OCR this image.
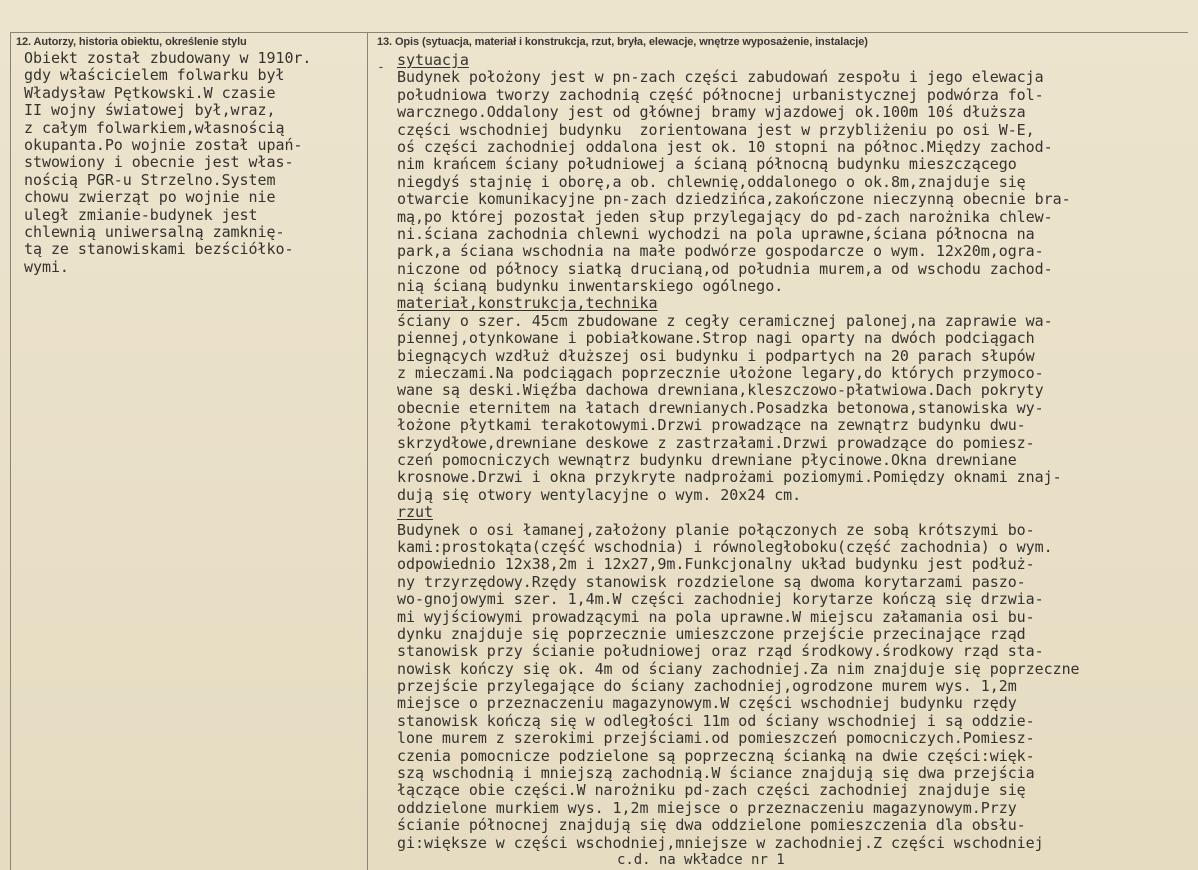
12. Autorzy, historia obiektu, określenie stylu	13. Opis (sytuacja, materiał i konstrukcja, rzut, bryła, elewacje, wnętrze wyposażenie, instalacje)
-
Obiekt został zbudowany w 1910r.
gdy właścicielem folwarku był
Władysław Pętkowski.W czasie
II wojny światowej był,wraz,
z całym folwarkiem,własnością
okupanta.Po wojnie został upań-
stwowiony i obecnie jest włas-
nością PGR-u Strzelno.System
chowu zwierząt po wojnie nie
uległ zmianie-budynek jest
chlewnią uniwersalną zamknię-
tą ze stanowiskami bezściółko-
wymi.
sytuacja
Budynek położony jest w pn-zach części zabudowań zespołu i jego elewacja
południowa tworzy zachodnią część północnej urbanistycznej podwórza fol-
warcznego.Oddalony jest od głównej bramy wjazdowej ok.100m 10ś dłuższa
części wschodniej budynku  zorientowana jest w przybliżeniu po osi W-E,
oś części zachodniej oddalona jest ok. 10 stopni na północ.Między zachod-
nim krańcem ściany południowej a ścianą północną budynku mieszczącego
niegdyś stajnię i oborę,a ob. chlewnię,oddalonego o ok.8m,znajduje się
otwarcie komunikacyjne pn-zach dziedzińca,zakończone nieczynną obecnie bra-
mą,po której pozostał jeden słup przylegający do pd-zach narożnika chlew-
ni.ściana zachodnia chlewni wychodzi na pola uprawne,ściana północna na
park,a ściana wschodnia na małe podwórze gospodarcze o wym. 12x20m,ogra-
niczone od północy siatką drucianą,od południa murem,a od wschodu zachod-
nią ścianą budynku inwentarskiego ogólnego.
materiał,konstrukcja,technika
ściany o szer. 45cm zbudowane z cegły ceramicznej palonej,na zaprawie wa-
piennej,otynkowane i pobiałkowane.Strop nagi oparty na dwóch podciągach
biegnących wzdłuż dłuższej osi budynku i podpartych na 20 parach słupów
z mieczami.Na podciągach poprzecznie ułożone legary,do których przymoco-
wane są deski.Więźba dachowa drewniana,kleszczowo-płatwiowa.Dach pokryty
obecnie eternitem na łatach drewnianych.Posadzka betonowa,stanowiska wy-
łożone płytkami terakotowymi.Drzwi prowadzące na zewnątrz budynku dwu-
skrzydłowe,drewniane deskowe z zastrzałami.Drzwi prowadzące do pomiesz-
czeń pomocniczych wewnątrz budynku drewniane płycinowe.Okna drewniane
krosnowe.Drzwi i okna przykryte nadprożami poziomymi.Pomiędzy oknami znaj-
dują się otwory wentylacyjne o wym. 20x24 cm.
rzut
Budynek o osi łamanej,założony planie połączonych ze sobą krótszymi bo-
kami:prostokąta(część wschodnia) i równoległoboku(część zachodnia) o wym.
odpowiednio 12x38,2m i 12x27,9m.Funkcjonalny układ budynku jest podłuż-
ny trzyrzędowy.Rzędy stanowisk rozdzielone są dwoma korytarzami paszo-
wo-gnojowymi szer. 1,4m.W części zachodniej korytarze kończą się drzwia-
mi wyjściowymi prowadzącymi na pola uprawne.W miejscu załamania osi bu-
dynku znajduje się poprzecznie umieszczone przejście przecinające rząd
stanowisk przy ścianie południowej oraz rząd środkowy.środkowy rząd sta-
nowisk kończy się ok. 4m od ściany zachodniej.Za nim znajduje się poprzeczne
przejście przylegające do ściany zachodniej,ogrodzone murem wys. 1,2m
miejsce o przeznaczeniu magazynowym.W części wschodniej budynku rzędy
stanowisk kończą się w odległości 11m od ściany wschodniej i są oddzie-
lone murem z szerokimi przejściami.od pomieszczeń pomocniczych.Pomiesz-
czenia pomocnicze podzielone są poprzeczną ścianką na dwie części:więk-
szą wschodnią i mniejszą zachodnią.W ściance znajdują się dwa przejścia
łączące obie części.W narożniku pd-zach części zachodniej znajduje się
oddzielone murkiem wys. 1,2m miejsce o przeznaczeniu magazynowym.Przy
ścianie północnej znajdują się dwa oddzielone pomieszczenia dla obsłu-
gi:większe w części wschodniej,mniejsze w zachodniej.Z części wschodniej
c.d. na wkładce nr 1
